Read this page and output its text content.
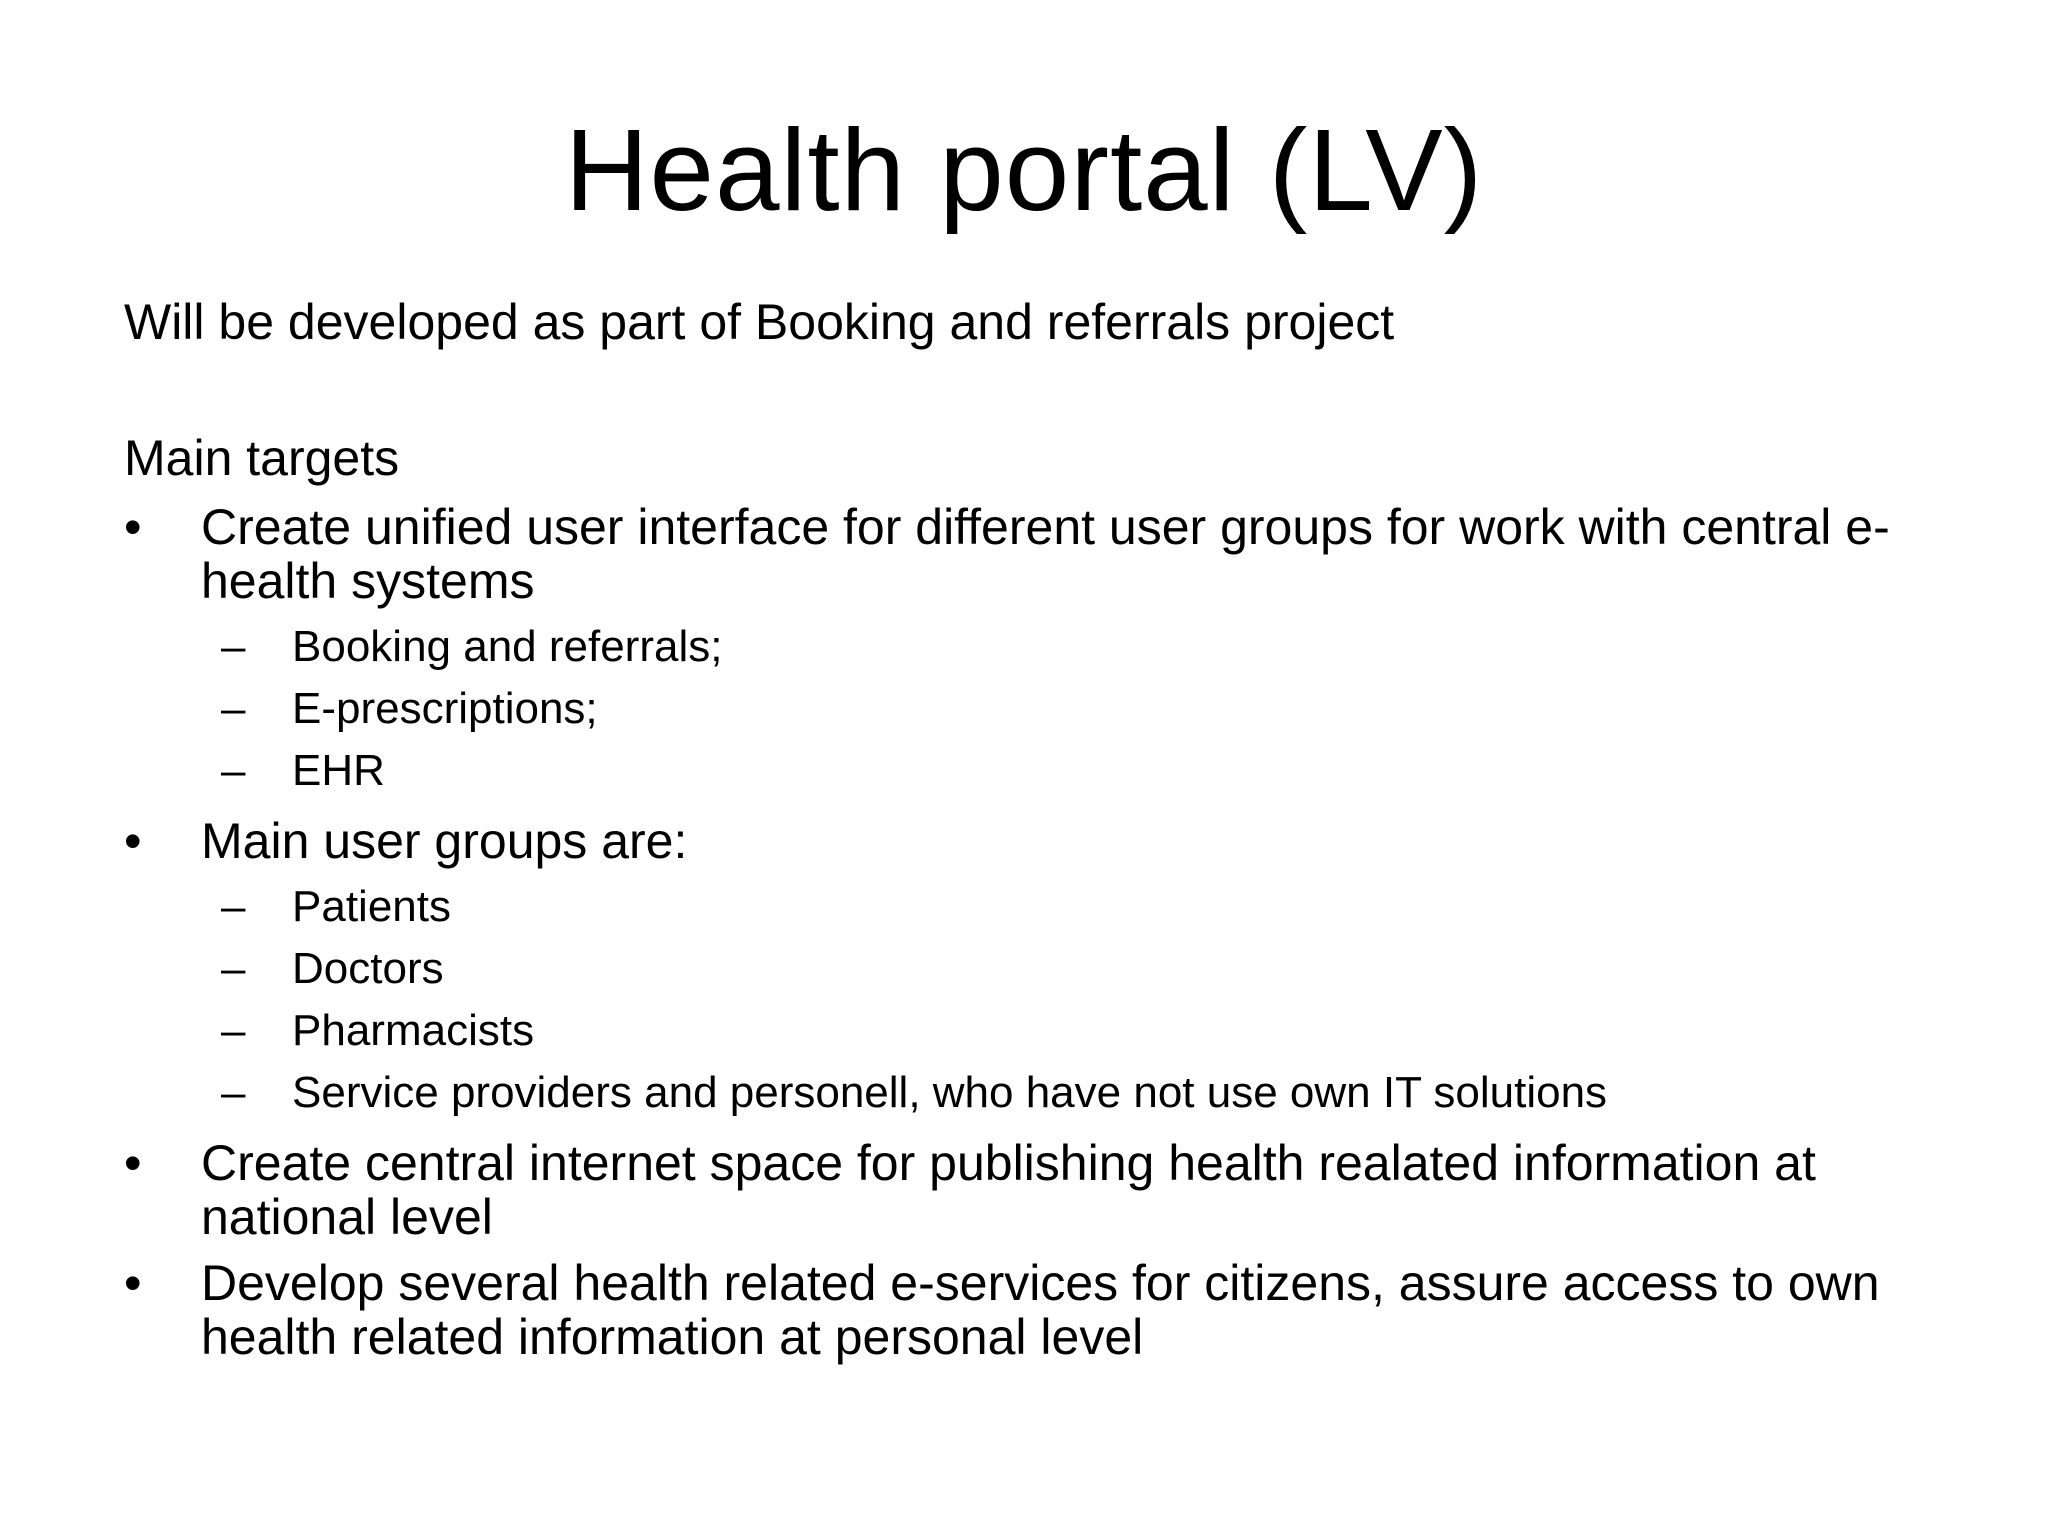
Health portal (LV)

Will be developed as part of Booking and referrals project

Main targets

•	Create unified user interface for different user groups for work with central e-health systems
– Booking and referrals;
– E-prescriptions;
– EHR
•	Main user groups are:
– Patients
– Doctors
– Pharmacists
– Service providers and personell, who have not use own IT solutions
•	Create central internet space for publishing health realated information at national level
•	Develop several health related e-services for citizens, assure access to own health related information at personal level
